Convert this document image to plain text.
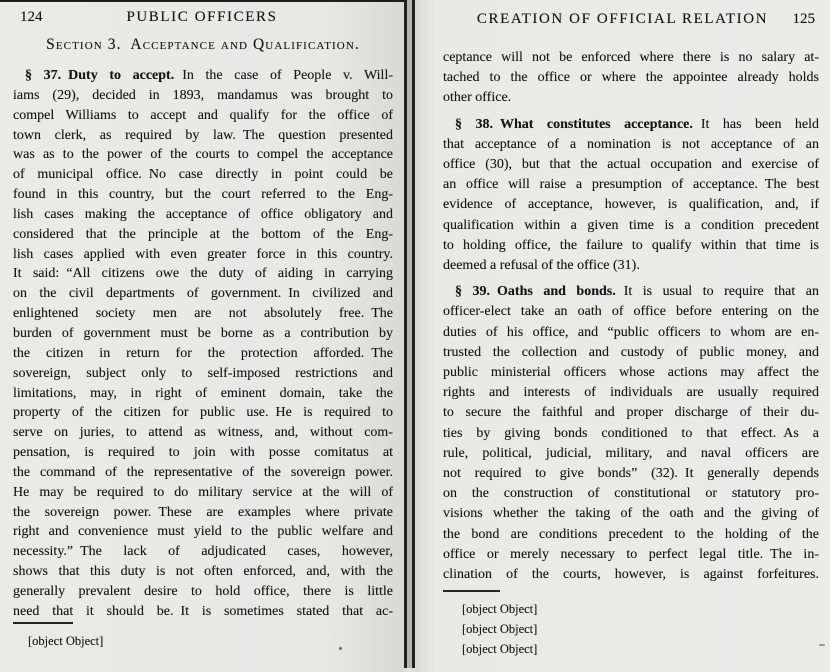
124	PUBLIC OFFICERS
Section 3. Acceptance and Qualification.
§ 37. Duty to accept. In the case of People v. Will-
iams (29), decided in 1893, mandamus was brought to
compel Williams to accept and qualify for the office of
town clerk, as required by law. The question presented
was as to the power of the courts to compel the acceptance
of municipal office. No case directly in point could be
found in this country, but the court referred to the Eng-
lish cases making the acceptance of office obligatory and
considered that the principle at the bottom of the Eng-
lish cases applied with even greater force in this country.
It said: “All citizens owe the duty of aiding in carrying
on the civil departments of government. In civilized and
enlightened society men are not absolutely free. The
burden of government must be borne as a contribution by
the citizen in return for the protection afforded. The
sovereign, subject only to self-imposed restrictions and
limitations, may, in right of eminent domain, take the
property of the citizen for public use. He is required to
serve on juries, to attend as witness, and, without com-
pensation, is required to join with posse comitatus at
the command of the representative of the sovereign power.
He may be required to do military service at the will of
the sovereign power. These are examples where private
right and convenience must yield to the public welfare and
necessity.” The lack of adjudicated cases, however,
shows that this duty is not often enforced, and, with the
generally prevalent desire to hold office, there is little
need that it should be. It is sometimes stated that ac-
[object Object]
CREATION OF OFFICIAL RELATION	125
ceptance will not be enforced where there is no salary at-
tached to the office or where the appointee already holds
other office.
§ 38. What constitutes acceptance. It has been held
that acceptance of a nomination is not acceptance of an
office (30), but that the actual occupation and exercise of
an office will raise a presumption of acceptance. The best
evidence of acceptance, however, is qualification, and, if
qualification within a given time is a condition precedent
to holding office, the failure to qualify within that time is
deemed a refusal of the office (31).
§ 39. Oaths and bonds. It is usual to require that an
officer-elect take an oath of office before entering on the
duties of his office, and “public officers to whom are en-
trusted the collection and custody of public money, and
public ministerial officers whose actions may affect the
rights and interests of individuals are usually required
to secure the faithful and proper discharge of their du-
ties by giving bonds conditioned to that effect. As a
rule, political, judicial, military, and naval officers are
not required to give bonds” (32). It generally depends
on the construction of constitutional or statutory pro-
visions whether the taking of the oath and the giving of
the bond are conditions precedent to the holding of the
office or merely necessary to perfect legal title. The in-
clination of the courts, however, is against forfeitures.
[object Object]
[object Object]
[object Object]
